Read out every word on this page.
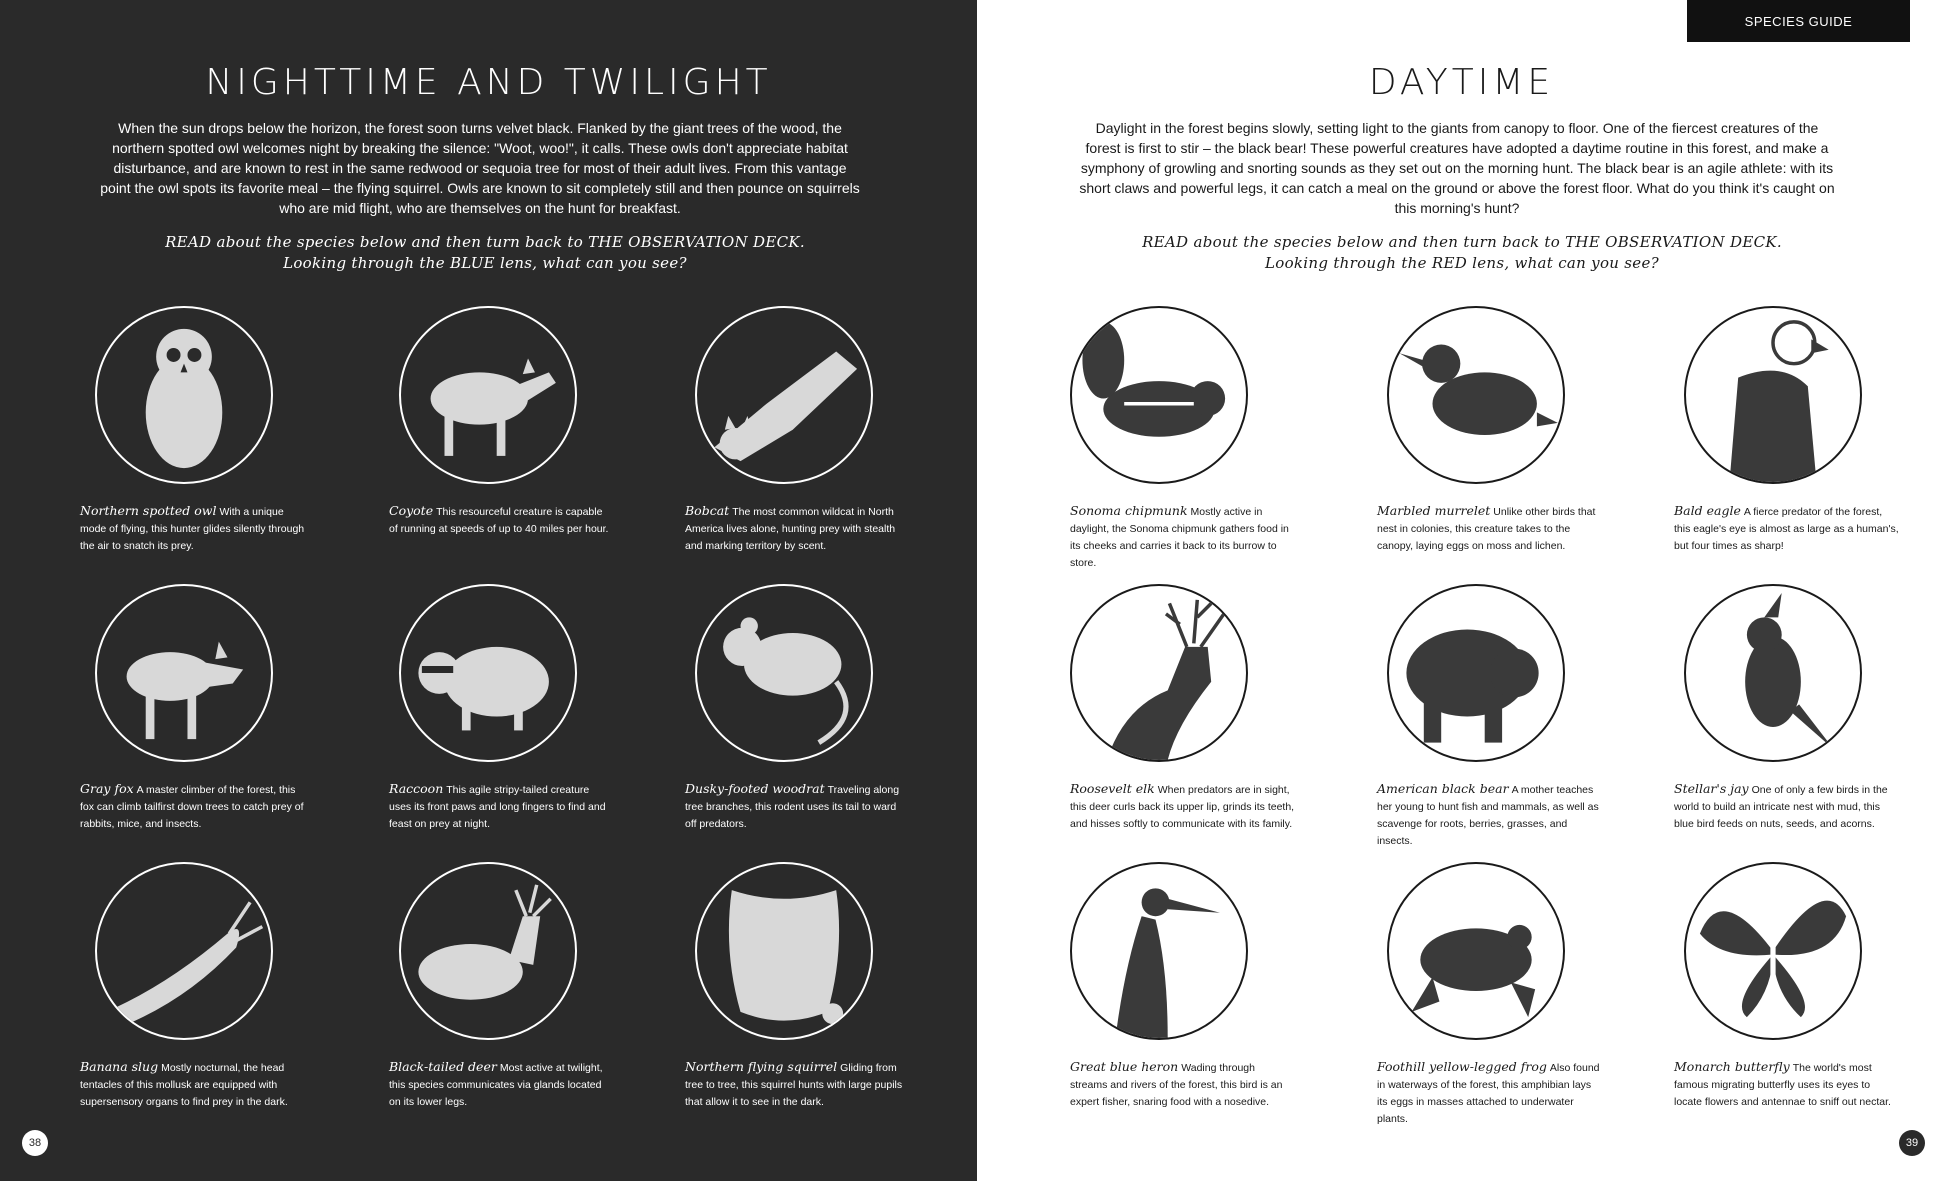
NIGHTTIME AND TWILIGHT

When the sun drops below the horizon, the forest soon turns velvet black. Flanked by the giant trees of the wood, the northern spotted owl welcomes night by breaking the silence: "Woot, woo!", it calls. These owls don't appreciate habitat disturbance, and are known to rest in the same redwood or sequoia tree for most of their adult lives. From this vantage point the owl spots its favorite meal – the flying squirrel. Owls are known to sit completely still and then pounce on squirrels who are mid flight, who are themselves on the hunt for breakfast.

READ about the species below and then turn back to THE OBSERVATION DECK.
Looking through the BLUE lens, what can you see?

Northern spotted owl With a unique mode of flying, this hunter glides silently through the air to snatch its prey.

Coyote This resourceful creature is capable of running at speeds of up to 40 miles per hour.

Bobcat The most common wildcat in North America lives alone, hunting prey with stealth and marking territory by scent.

Gray fox A master climber of the forest, this fox can climb tailfirst down trees to catch prey of rabbits, mice, and insects.

Raccoon This agile stripy-tailed creature uses its front paws and long fingers to find and feast on prey at night.

Dusky-footed woodrat Traveling along tree branches, this rodent uses its tail to ward off predators.

Banana slug Mostly nocturnal, the head tentacles of this mollusk are equipped with supersensory organs to find prey in the dark.

Black-tailed deer Most active at twilight, this species communicates via glands located on its lower legs.

Northern flying squirrel Gliding from tree to tree, this squirrel hunts with large pupils that allow it to see in the dark.

38
SPECIES GUIDE
DAYTIME

Daylight in the forest begins slowly, setting light to the giants from canopy to floor. One of the fiercest creatures of the forest is first to stir – the black bear! These powerful creatures have adopted a daytime routine in this forest, and make a symphony of growling and snorting sounds as they set out on the morning hunt. The black bear is an agile athlete: with its short claws and powerful legs, it can catch a meal on the ground or above the forest floor. What do you think it's caught on this morning's hunt?

READ about the species below and then turn back to THE OBSERVATION DECK.
Looking through the RED lens, what can you see?

Sonoma chipmunk Mostly active in daylight, the Sonoma chipmunk gathers food in its cheeks and carries it back to its burrow to store.

Marbled murrelet Unlike other birds that nest in colonies, this creature takes to the canopy, laying eggs on moss and lichen.

Bald eagle A fierce predator of the forest, this eagle's eye is almost as large as a human's, but four times as sharp!

Roosevelt elk When predators are in sight, this deer curls back its upper lip, grinds its teeth, and hisses softly to communicate with its family.

American black bear A mother teaches her young to hunt fish and mammals, as well as scavenge for roots, berries, grasses, and insects.

Stellar's jay One of only a few birds in the world to build an intricate nest with mud, this blue bird feeds on nuts, seeds, and acorns.

Great blue heron Wading through streams and rivers of the forest, this bird is an expert fisher, snaring food with a nosedive.

Foothill yellow-legged frog Also found in waterways of the forest, this amphibian lays its eggs in masses attached to underwater plants.

Monarch butterfly The world's most famous migrating butterfly uses its eyes to locate flowers and antennae to sniff out nectar.

39
